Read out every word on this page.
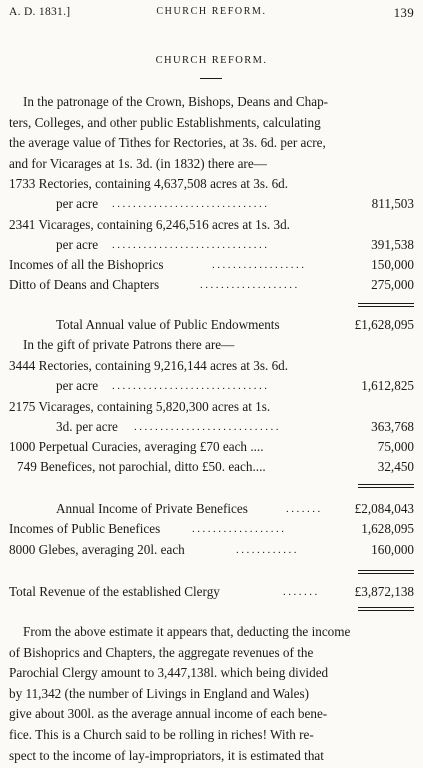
A. D. 1831.]	CHURCH REFORM.	139
CHURCH REFORM.
In the patronage of the Crown, Bishops, Deans and Chap-
ters, Colleges, and other public Establishments, calculating
the average value of Tithes for Rectories, at 3s. 6d. per acre,
and for Vicarages at 1s. 3d. (in 1832) there are—
1733 Rectories, containing 4,637,508 acres at 3s. 6d.
per acre ..............................	811,503
2341 Vicarages, containing 6,246,516 acres at 1s. 3d.
per acre ..............................	391,538
Incomes of all the Bishoprics	..................	150,000
Ditto of Deans and Chapters	...................	275,000
Total Annual value of Public Endowments	£1,628,095
In the gift of private Patrons there are—
3444 Rectories, containing 9,216,144 acres at 3s. 6d.
per acre ..............................	1,612,825
2175 Vicarages, containing 5,820,300 acres at 1s.
3d. per acre ............................	363,768
1000 Perpetual Curacies, averaging £70 each ....	75,000
749 Benefices, not parochial, ditto £50. each....	32,450
Annual Income of Private Benefices	.......	£2,084,043
Incomes of Public Benefices	..................	1,628,095
8000 Glebes, averaging 20l. each	............	160,000
Total Revenue of the established Clergy	.......	£3,872,138
From the above estimate it appears that, deducting the income
of Bishoprics and Chapters, the aggregate revenues of the
Parochial Clergy amount to 3,447,138l. which being divided
by 11,342 (the number of Livings in England and Wales)
give about 300l. as the average annual income of each bene-
fice. This is a Church said to be rolling in riches! With re-
spect to the income of lay-impropriators, it is estimated that
